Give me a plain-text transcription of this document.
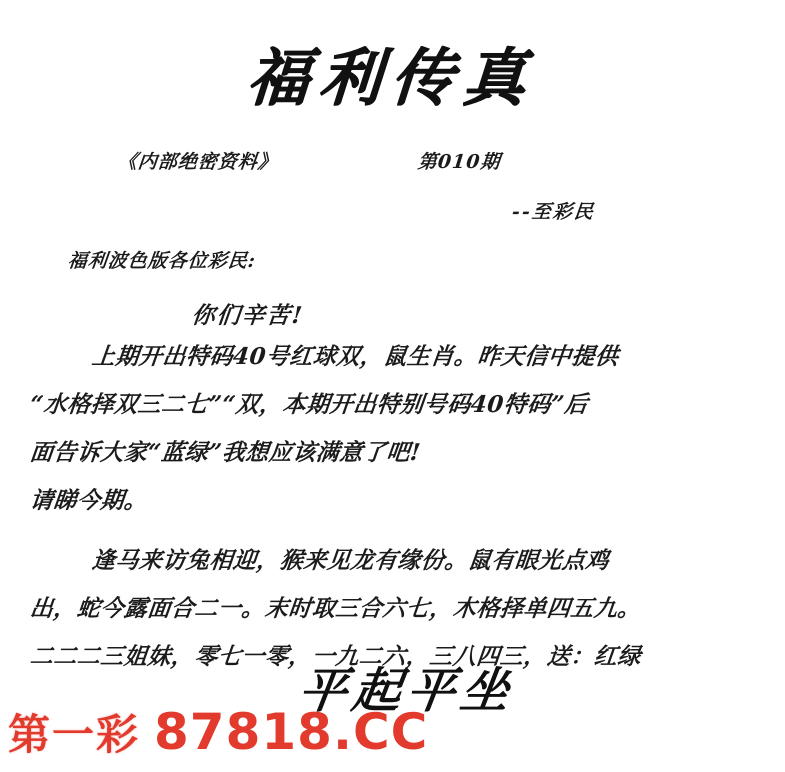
福利传真
《内部绝密资料》	第010期
--至彩民
福利波色版各位彩民:
你们辛苦!

上期开出特码40号红球双，鼠生肖。昨天信中提供

“水格择双三二七”“双，本期开出特别号码40特码”后

面告诉大家“蓝绿”我想应该满意了吧!

请睇今期。

逢马来访兔相迎，猴来见龙有缘份。鼠有眼光点鸡

出，蛇今露面合二一。末时取三合六七，木格择单四五九。

二二二三姐妹，零七一零，一九二六，三八四三，送：红绿

平起平坐
第一彩 87818.CC
